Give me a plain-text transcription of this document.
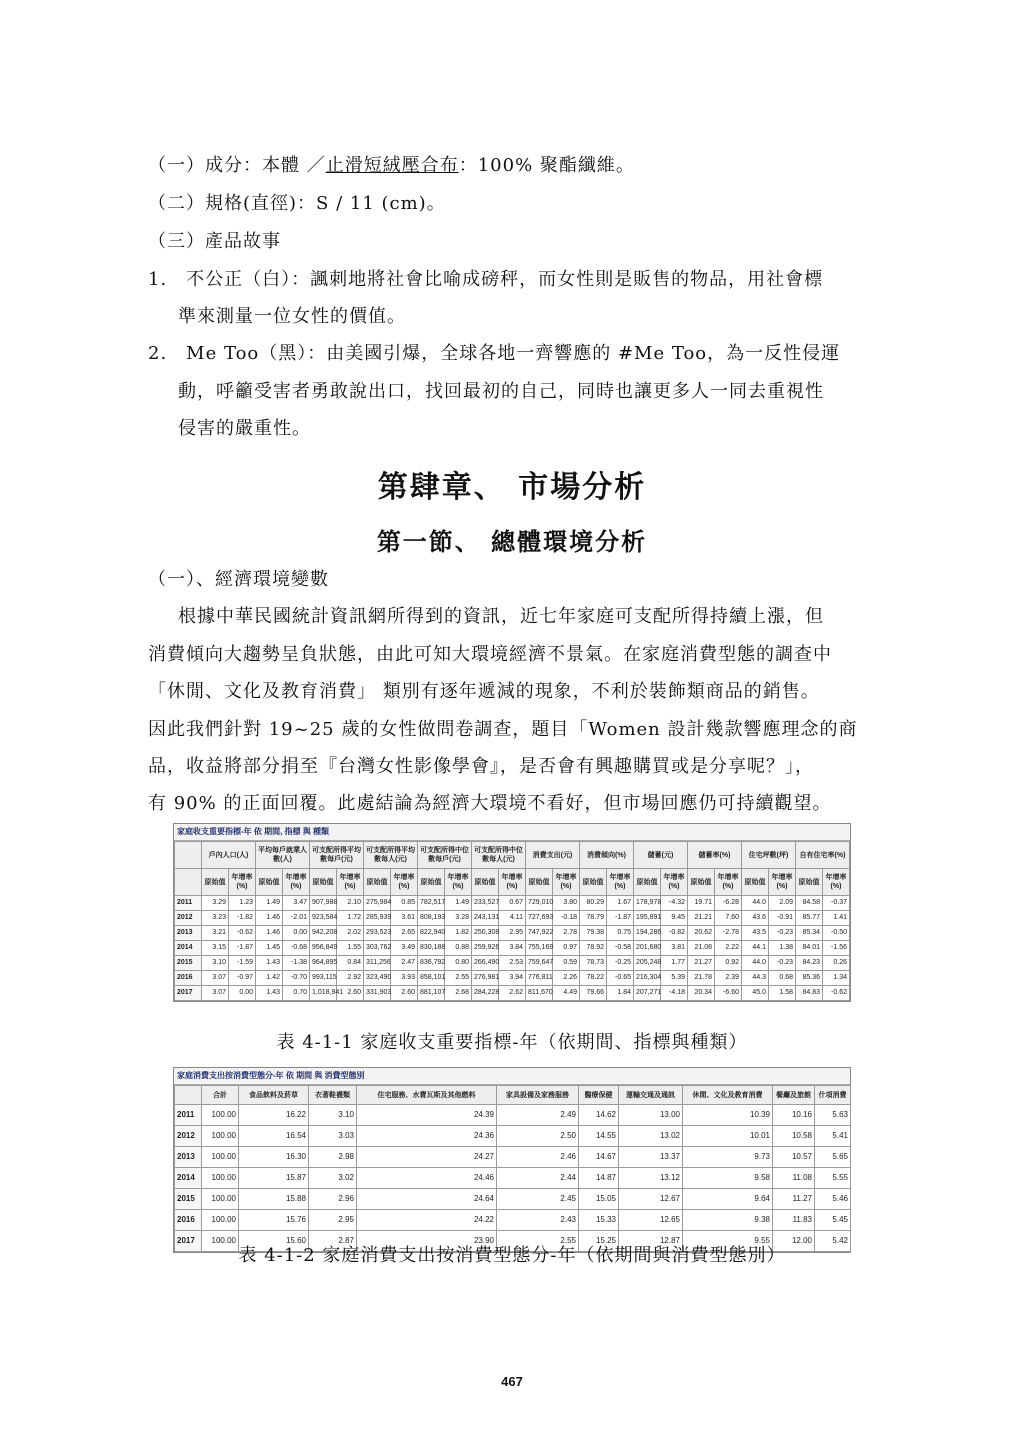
（一）成分：本體 ／止滑短絨壓合布：100% 聚酯纖維。
（二）規格(直徑)：S / 11 (cm)。
（三）產品故事
1.　不公正（白）：諷刺地將社會比喻成磅秤，而女性則是販售的物品，用社會標
準來測量一位女性的價值。
2.　Me Too（黑）：由美國引爆，全球各地一齊響應的 #Me Too，為一反性侵運
動，呼籲受害者勇敢說出口，找回最初的自己，同時也讓更多人一同去重視性
侵害的嚴重性。
第肆章、 市場分析
第一節、 總體環境分析
（一）、經濟環境變數
根據中華民國統計資訊網所得到的資訊，近七年家庭可支配所得持續上漲，但
消費傾向大趨勢呈負狀態，由此可知大環境經濟不景氣。在家庭消費型態的調查中
「休閒、文化及教育消費」 類別有逐年遞減的現象，不利於裝飾類商品的銷售。
因此我們針對 19~25 歲的女性做問卷調查，題目「Women 設計幾款響應理念的商
品，收益將部分捐至『台灣女性影像學會』，是否會有興趣購買或是分享呢？」，
有 90% 的正面回覆。此處結論為經濟大環境不看好，但市場回應仍可持續觀望。
家庭收支重要指標-年 依 期間, 指標 與 種類
	戶內人口(人)		平均每戶就業人數(人)		可支配所得平均數每戶(元)		可支配所得平均數每人(元)		可支配所得中位數每戶(元)		可支配所得中位數每人(元)		消費支出(元)		消費傾向(%)		儲蓄(元)		儲蓄率(%)		住宅坪數(坪)		自有住宅率(%)	
	原始值	年增率(%)	原始值	年增率(%)	原始值	年增率(%)	原始值	年增率(%)	原始值	年增率(%)	原始值	年增率(%)	原始值	年增率(%)	原始值	年增率(%)	原始值	年增率(%)	原始值	年增率(%)	原始值	年增率(%)	原始值	年增率(%)
2011	3.29	1.23	1.49	3.47	907,988	2.10	275,984	0.85	782,517	1.49	233,527	0.67	729,010	3.80	80.29	1.67	178,978	-4.32	19.71	-6.28	44.0	2.09	84.58	-0.37
2012	3.23	-1.82	1.46	-2.01	923,584	1.72	285,939	3.61	808,193	3.28	243,131	4.11	727,693	-0.18	78.79	-1.87	195,891	9.45	21.21	7.60	43.6	-0.91	85.77	1.41
2013	3.21	-0.62	1.46	0.00	942,208	2.02	293,523	2.65	822,940	1.82	250,308	2.95	747,922	2.78	79.38	0.75	194,286	-0.82	20.62	-2.78	43.5	-0.23	85.34	-0.50
2014	3.15	-1.87	1.45	-0.68	956,849	1.55	303,762	3.49	830,188	0.88	259,926	3.84	755,169	0.97	78.92	-0.58	201,680	3.81	21.08	2.22	44.1	1.38	84.01	-1.56
2015	3.10	-1.59	1.43	-1.38	964,895	0.84	311,256	2.47	836,792	0.80	266,490	2.53	759,647	0.59	78.73	-0.25	205,248	1.77	21.27	0.92	44.0	-0.23	84.23	0.26
2016	3.07	-0.97	1.42	-0.70	993,115	2.92	323,490	3.93	858,101	2.55	276,981	3.94	776,811	2.26	78.22	-0.65	216,304	5.39	21.78	2.39	44.3	0.68	85.36	1.34
2017	3.07	0.00	1.43	0.70	1,018,941	2.60	331,903	2.60	881,107	2.68	284,228	2.62	811,670	4.49	79.66	1.84	207,271	-4.18	20.34	-6.60	45.0	1.58	84.83	-0.62
表 4-1-1 家庭收支重要指標-年（依期間、指標與種類）
家庭消費支出按消費型態分-年 依 期間 與 消費型態別
	合計	食品飲料及菸草	衣著鞋襪類	住宅服務、水費瓦斯及其他燃料	家具設備及家務服務	醫療保健	運輸交通及通訊	休閒、文化及教育消費	餐廳及旅館	什項消費
2011	100.00	16.22	3.10	24.39	2.49	14.62	13.00	10.39	10.16	5.63
2012	100.00	16.54	3.03	24.36	2.50	14.55	13.02	10.01	10.58	5.41
2013	100.00	16.30	2.98	24.27	2.46	14.67	13.37	9.73	10.57	5.65
2014	100.00	15.87	3.02	24.46	2.44	14.87	13.12	9.58	11.08	5.55
2015	100.00	15.88	2.96	24.64	2.45	15.05	12.67	9.64	11.27	5.46
2016	100.00	15.76	2.95	24.22	2.43	15.33	12.65	9.38	11.83	5.45
2017	100.00	15.60	2.87	23.90	2.55	15.25	12.87	9.55	12.00	5.42
表 4-1-2 家庭消費支出按消費型態分-年（依期間與消費型態別）
467
